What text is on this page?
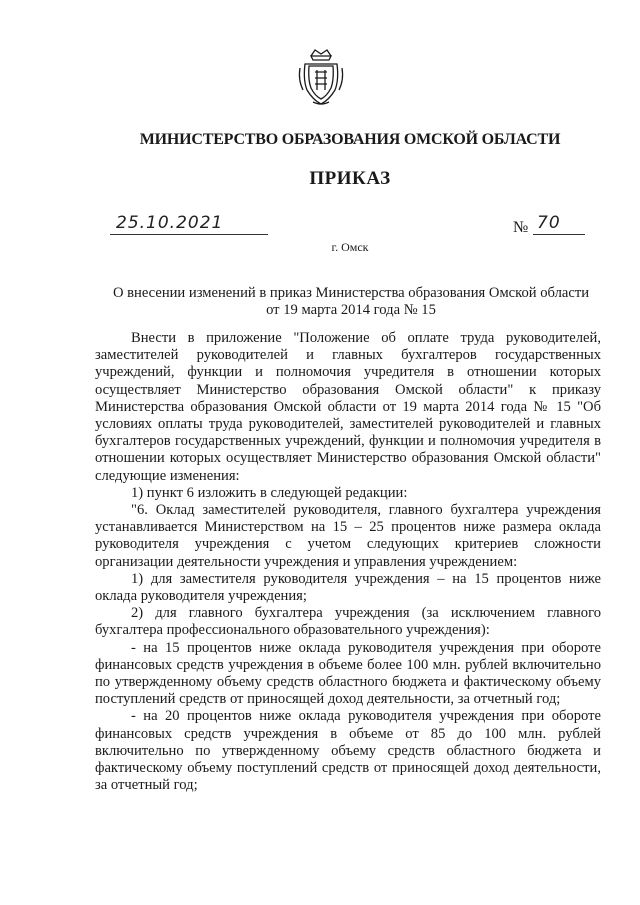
МИНИСТЕРСТВО ОБРАЗОВАНИЯ ОМСКОЙ ОБЛАСТИ
ПРИКАЗ
25.10.2021	№ 70
г. Омск
О внесении изменений в приказ Министерства образования Омской области
от 19 марта 2014 года № 15

Внести в приложение "Положение об оплате труда руководителей, заместителей руководителей и главных бухгалтеров государственных учреждений, функции и полномочия учредителя в отношении которых осуществляет Министерство образования Омской области" к приказу Министерства образования Омской области от 19 марта 2014 года № 15 "Об условиях оплаты труда руководителей, заместителей руководителей и главных бухгалтеров государственных учреждений, функции и полномочия учредителя в отношении которых осуществляет Министерство образования Омской области" следующие изменения:

1) пункт 6 изложить в следующей редакции:

"6. Оклад заместителей руководителя, главного бухгалтера учреждения устанавливается Министерством на 15 – 25 процентов ниже размера оклада руководителя учреждения с учетом следующих критериев сложности организации деятельности учреждения и управления учреждением:

1) для заместителя руководителя учреждения – на 15 процентов ниже оклада руководителя учреждения;

2) для главного бухгалтера учреждения (за исключением главного бухгалтера профессионального образовательного учреждения):

- на 15 процентов ниже оклада руководителя учреждения при обороте финансовых средств учреждения в объеме более 100 млн. рублей включительно по утвержденному объему средств областного бюджета и фактическому объему поступлений средств от приносящей доход деятельности, за отчетный год;

- на 20 процентов ниже оклада руководителя учреждения при обороте финансовых средств учреждения в объеме от 85 до 100 млн. рублей включительно по утвержденному объему средств областного бюджета и фактическому объему поступлений средств от приносящей доход деятельности, за отчетный год;
